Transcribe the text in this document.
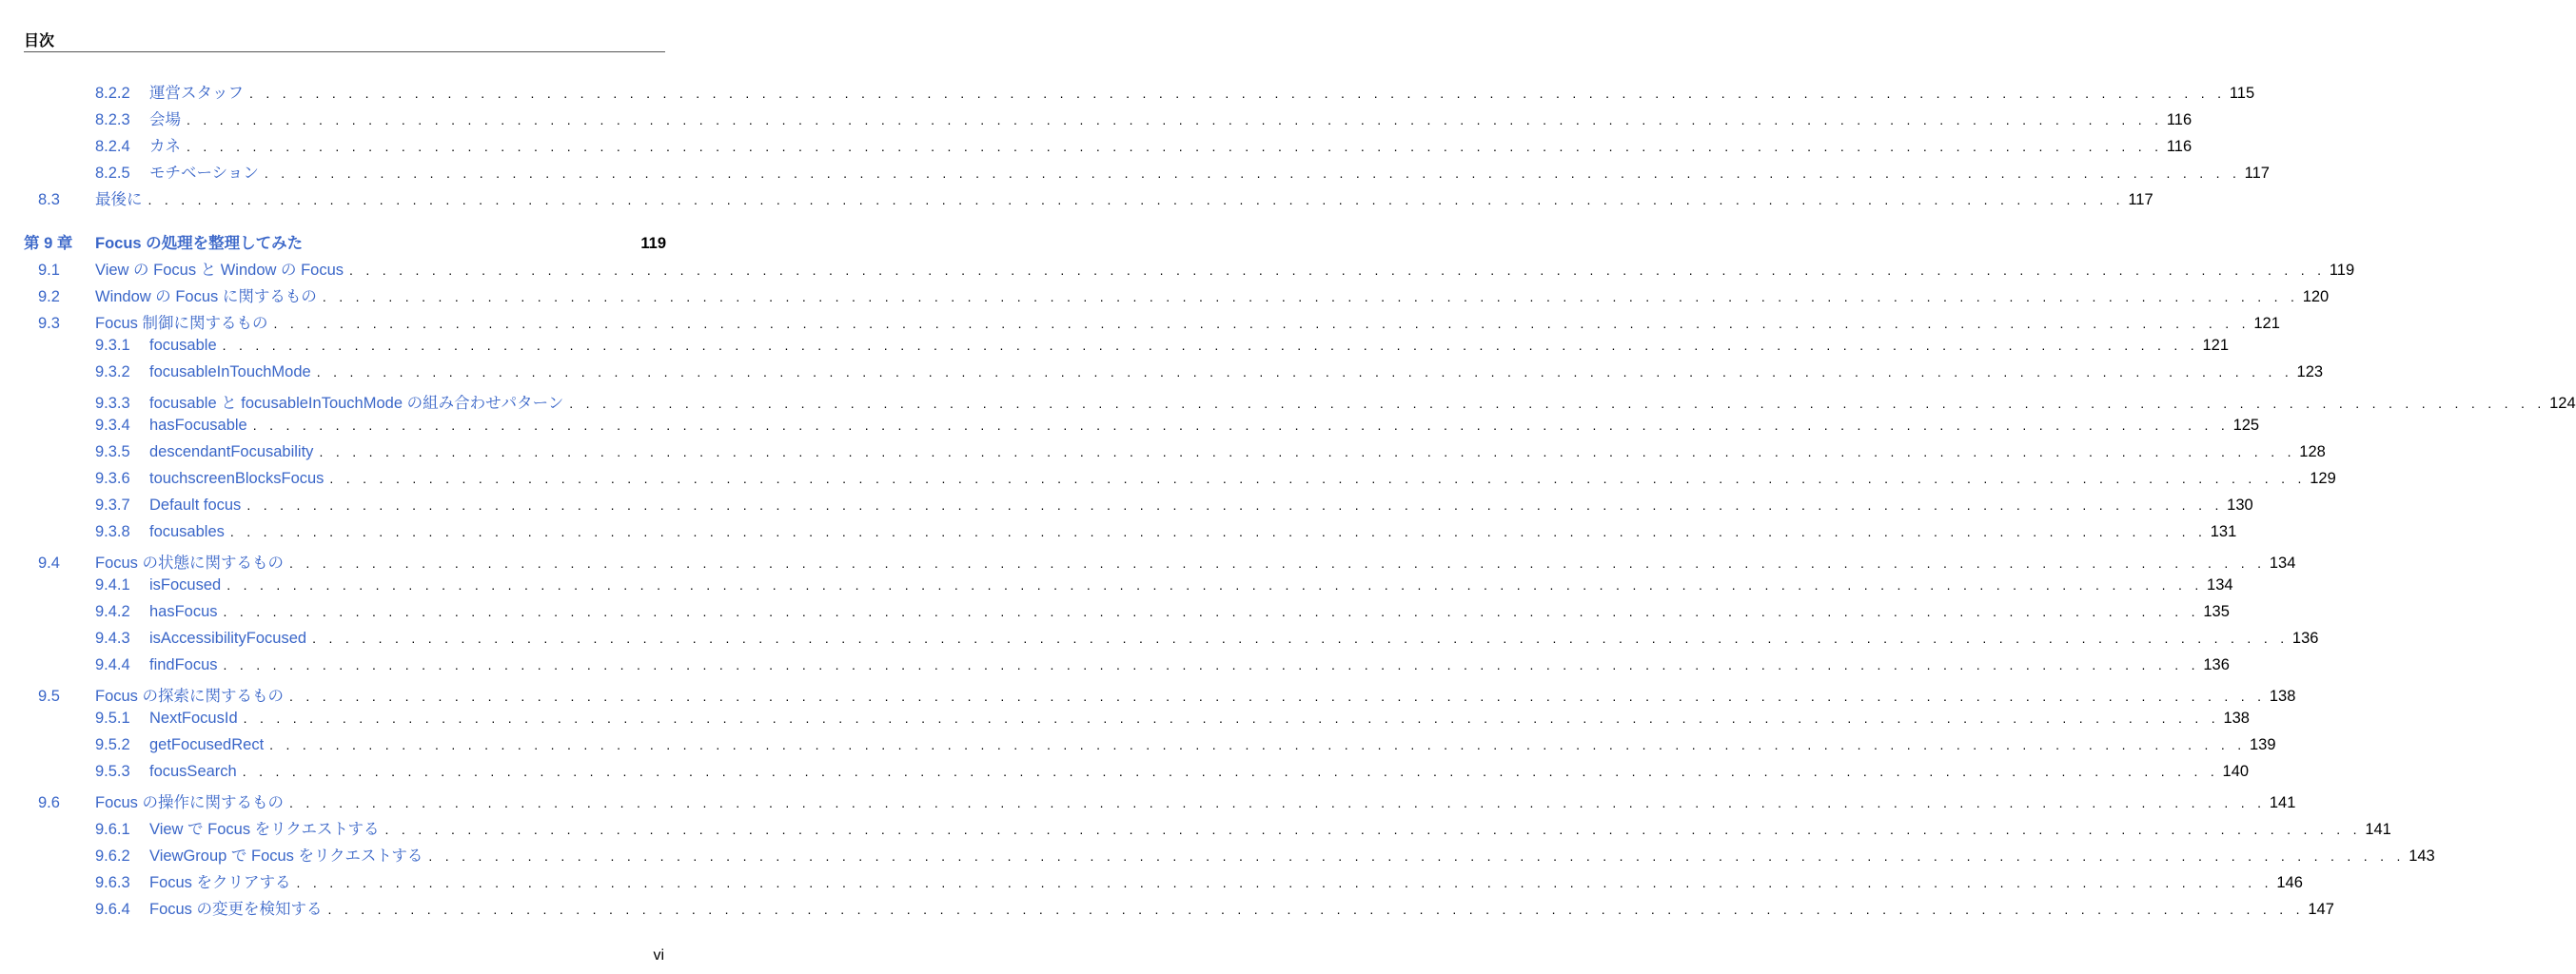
目次
8.2.2	運営スタッフ . . . . . . . . . . . . . . . . . . . . . . . . . . . . . . . . . . . . . . . . . . . . . . . . . . . . . . . . . . . . . . . . . . . . . . . . . . . . . . . . . . . . . . . . . . . . . . . . . . . . . . . . . . . . . . . . . . . . . . . . 115
8.2.3	会場 . . . . . . . . . . . . . . . . . . . . . . . . . . . . . . . . . . . . . . . . . . . . . . . . . . . . . . . . . . . . . . . . . . . . . . . . . . . . . . . . . . . . . . . . . . . . . . . . . . . . . . . . . . . . . . . . . . . . . . . . 116
8.2.4	カネ . . . . . . . . . . . . . . . . . . . . . . . . . . . . . . . . . . . . . . . . . . . . . . . . . . . . . . . . . . . . . . . . . . . . . . . . . . . . . . . . . . . . . . . . . . . . . . . . . . . . . . . . . . . . . . . . . . . . . . . . 116
8.2.5	モチベーション . . . . . . . . . . . . . . . . . . . . . . . . . . . . . . . . . . . . . . . . . . . . . . . . . . . . . . . . . . . . . . . . . . . . . . . . . . . . . . . . . . . . . . . . . . . . . . . . . . . . . . . . . . . . . . . . . . . . . . . . 117
8.3	最後に . . . . . . . . . . . . . . . . . . . . . . . . . . . . . . . . . . . . . . . . . . . . . . . . . . . . . . . . . . . . . . . . . . . . . . . . . . . . . . . . . . . . . . . . . . . . . . . . . . . . . . . . . . . . . . . . . . . . . . . . 117
第 9 章	Focus の処理を整理してみた	119
9.1	View の Focus と Window の Focus . . . . . . . . . . . . . . . . . . . . . . . . . . . . . . . . . . . . . . . . . . . . . . . . . . . . . . . . . . . . . . . . . . . . . . . . . . . . . . . . . . . . . . . . . . . . . . . . . . . . . . . . . . . . . . . . . . . . . . . . 119
9.2	Window の Focus に関するもの . . . . . . . . . . . . . . . . . . . . . . . . . . . . . . . . . . . . . . . . . . . . . . . . . . . . . . . . . . . . . . . . . . . . . . . . . . . . . . . . . . . . . . . . . . . . . . . . . . . . . . . . . . . . . . . . . . . . . . . . 120
9.3	Focus 制御に関するもの . . . . . . . . . . . . . . . . . . . . . . . . . . . . . . . . . . . . . . . . . . . . . . . . . . . . . . . . . . . . . . . . . . . . . . . . . . . . . . . . . . . . . . . . . . . . . . . . . . . . . . . . . . . . . . . . . . . . . . . . 121
9.3.1	focusable . . . . . . . . . . . . . . . . . . . . . . . . . . . . . . . . . . . . . . . . . . . . . . . . . . . . . . . . . . . . . . . . . . . . . . . . . . . . . . . . . . . . . . . . . . . . . . . . . . . . . . . . . . . . . . . . . . . . . . . . 121
9.3.2	focusableInTouchMode . . . . . . . . . . . . . . . . . . . . . . . . . . . . . . . . . . . . . . . . . . . . . . . . . . . . . . . . . . . . . . . . . . . . . . . . . . . . . . . . . . . . . . . . . . . . . . . . . . . . . . . . . . . . . . . . . . . . . . . . 123
9.3.3	focusable と focusableInTouchMode の組み合わせパターン . . . . . . . . . . . . . . . . . . . . . . . . . . . . . . . . . . . . . . . . . . . . . . . . . . . . . . . . . . . . . . . . . . . . . . . . . . . . . . . . . . . . . . . . . . . . . . . . . . . . . . . . . . . . . . . . . . . . . . . . 124
9.3.4	hasFocusable . . . . . . . . . . . . . . . . . . . . . . . . . . . . . . . . . . . . . . . . . . . . . . . . . . . . . . . . . . . . . . . . . . . . . . . . . . . . . . . . . . . . . . . . . . . . . . . . . . . . . . . . . . . . . . . . . . . . . . . . 125
9.3.5	descendantFocusability . . . . . . . . . . . . . . . . . . . . . . . . . . . . . . . . . . . . . . . . . . . . . . . . . . . . . . . . . . . . . . . . . . . . . . . . . . . . . . . . . . . . . . . . . . . . . . . . . . . . . . . . . . . . . . . . . . . . . . . . 128
9.3.6	touchscreenBlocksFocus . . . . . . . . . . . . . . . . . . . . . . . . . . . . . . . . . . . . . . . . . . . . . . . . . . . . . . . . . . . . . . . . . . . . . . . . . . . . . . . . . . . . . . . . . . . . . . . . . . . . . . . . . . . . . . . . . . . . . . . . 129
9.3.7	Default focus . . . . . . . . . . . . . . . . . . . . . . . . . . . . . . . . . . . . . . . . . . . . . . . . . . . . . . . . . . . . . . . . . . . . . . . . . . . . . . . . . . . . . . . . . . . . . . . . . . . . . . . . . . . . . . . . . . . . . . . . 130
9.3.8	focusables . . . . . . . . . . . . . . . . . . . . . . . . . . . . . . . . . . . . . . . . . . . . . . . . . . . . . . . . . . . . . . . . . . . . . . . . . . . . . . . . . . . . . . . . . . . . . . . . . . . . . . . . . . . . . . . . . . . . . . . . 131
9.4	Focus の状態に関するもの . . . . . . . . . . . . . . . . . . . . . . . . . . . . . . . . . . . . . . . . . . . . . . . . . . . . . . . . . . . . . . . . . . . . . . . . . . . . . . . . . . . . . . . . . . . . . . . . . . . . . . . . . . . . . . . . . . . . . . . . 134
9.4.1	isFocused . . . . . . . . . . . . . . . . . . . . . . . . . . . . . . . . . . . . . . . . . . . . . . . . . . . . . . . . . . . . . . . . . . . . . . . . . . . . . . . . . . . . . . . . . . . . . . . . . . . . . . . . . . . . . . . . . . . . . . . . 134
9.4.2	hasFocus . . . . . . . . . . . . . . . . . . . . . . . . . . . . . . . . . . . . . . . . . . . . . . . . . . . . . . . . . . . . . . . . . . . . . . . . . . . . . . . . . . . . . . . . . . . . . . . . . . . . . . . . . . . . . . . . . . . . . . . . 135
9.4.3	isAccessibilityFocused . . . . . . . . . . . . . . . . . . . . . . . . . . . . . . . . . . . . . . . . . . . . . . . . . . . . . . . . . . . . . . . . . . . . . . . . . . . . . . . . . . . . . . . . . . . . . . . . . . . . . . . . . . . . . . . . . . . . . . . . 136
9.4.4	findFocus . . . . . . . . . . . . . . . . . . . . . . . . . . . . . . . . . . . . . . . . . . . . . . . . . . . . . . . . . . . . . . . . . . . . . . . . . . . . . . . . . . . . . . . . . . . . . . . . . . . . . . . . . . . . . . . . . . . . . . . . 136
9.5	Focus の探索に関するもの . . . . . . . . . . . . . . . . . . . . . . . . . . . . . . . . . . . . . . . . . . . . . . . . . . . . . . . . . . . . . . . . . . . . . . . . . . . . . . . . . . . . . . . . . . . . . . . . . . . . . . . . . . . . . . . . . . . . . . . . 138
9.5.1	NextFocusId . . . . . . . . . . . . . . . . . . . . . . . . . . . . . . . . . . . . . . . . . . . . . . . . . . . . . . . . . . . . . . . . . . . . . . . . . . . . . . . . . . . . . . . . . . . . . . . . . . . . . . . . . . . . . . . . . . . . . . . . 138
9.5.2	getFocusedRect . . . . . . . . . . . . . . . . . . . . . . . . . . . . . . . . . . . . . . . . . . . . . . . . . . . . . . . . . . . . . . . . . . . . . . . . . . . . . . . . . . . . . . . . . . . . . . . . . . . . . . . . . . . . . . . . . . . . . . . . 139
9.5.3	focusSearch . . . . . . . . . . . . . . . . . . . . . . . . . . . . . . . . . . . . . . . . . . . . . . . . . . . . . . . . . . . . . . . . . . . . . . . . . . . . . . . . . . . . . . . . . . . . . . . . . . . . . . . . . . . . . . . . . . . . . . . . 140
9.6	Focus の操作に関するもの . . . . . . . . . . . . . . . . . . . . . . . . . . . . . . . . . . . . . . . . . . . . . . . . . . . . . . . . . . . . . . . . . . . . . . . . . . . . . . . . . . . . . . . . . . . . . . . . . . . . . . . . . . . . . . . . . . . . . . . . 141
9.6.1	View で Focus をリクエストする . . . . . . . . . . . . . . . . . . . . . . . . . . . . . . . . . . . . . . . . . . . . . . . . . . . . . . . . . . . . . . . . . . . . . . . . . . . . . . . . . . . . . . . . . . . . . . . . . . . . . . . . . . . . . . . . . . . . . . . . 141
9.6.2	ViewGroup で Focus をリクエストする . . . . . . . . . . . . . . . . . . . . . . . . . . . . . . . . . . . . . . . . . . . . . . . . . . . . . . . . . . . . . . . . . . . . . . . . . . . . . . . . . . . . . . . . . . . . . . . . . . . . . . . . . . . . . . . . . . . . . . . . 143
9.6.3	Focus をクリアする . . . . . . . . . . . . . . . . . . . . . . . . . . . . . . . . . . . . . . . . . . . . . . . . . . . . . . . . . . . . . . . . . . . . . . . . . . . . . . . . . . . . . . . . . . . . . . . . . . . . . . . . . . . . . . . . . . . . . . . . 146
9.6.4	Focus の変更を検知する . . . . . . . . . . . . . . . . . . . . . . . . . . . . . . . . . . . . . . . . . . . . . . . . . . . . . . . . . . . . . . . . . . . . . . . . . . . . . . . . . . . . . . . . . . . . . . . . . . . . . . . . . . . . . . . . . . . . . . . . 147
vi
